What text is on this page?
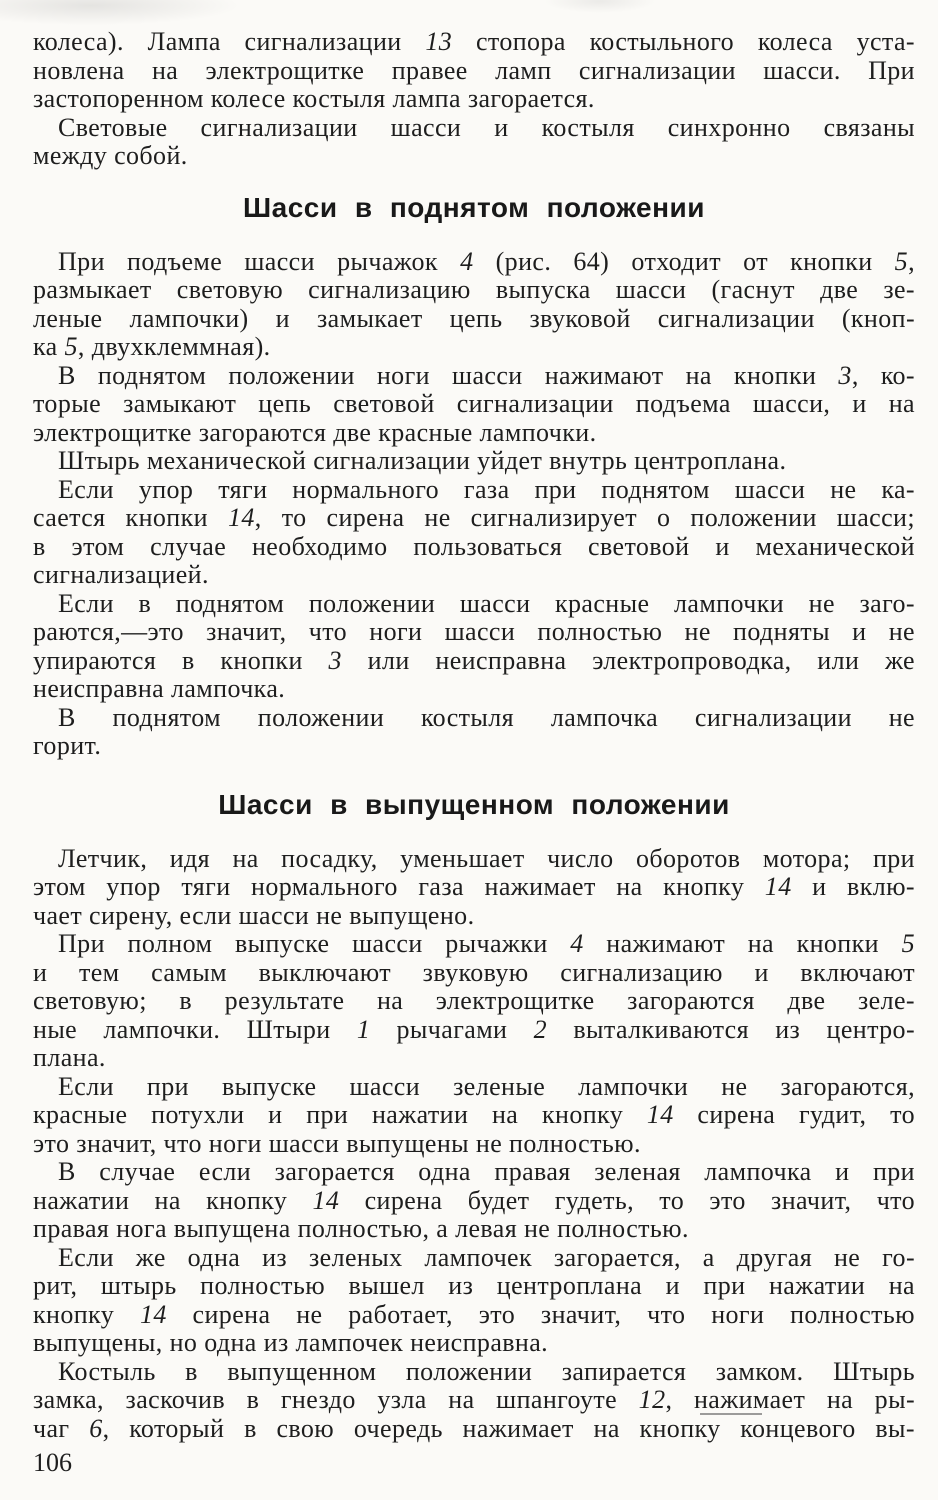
колеса). Лампа сигнализации 13 стопора костыльного колеса уста-
новлена на электрощитке правее ламп сигнализации шасси. При
застопоренном колесе костыля лампа загорается.
Световые сигнализации шасси и костыля синхронно связаны
между собой.
Шасси в поднятом положении
При подъеме шасси рычажок 4 (рис. 64) отходит от кнопки 5,
размыкает световую сигнализацию выпуска шасси (гаснут две зе-
леные лампочки) и замыкает цепь звуковой сигнализации (кноп-
ка 5, двухклеммная).
В поднятом положении ноги шасси нажимают на кнопки 3, ко-
торые замыкают цепь световой сигнализации подъема шасси, и на
электрощитке загораются две красные лампочки.
Штырь механической сигнализации уйдет внутрь центроплана.
Если упор тяги нормального газа при поднятом шасси не ка-
сается кнопки 14, то сирена не сигнализирует о положении шасси;
в этом случае необходимо пользоваться световой и механической
сигнализацией.
Если в поднятом положении шасси красные лампочки не заго-
раются,—это значит, что ноги шасси полностью не подняты и не
упираются в кнопки 3 или неисправна электропроводка, или же
неисправна лампочка.
В поднятом положении костыля лампочка сигнализации не
горит.
Шасси в выпущенном положении
Летчик, идя на посадку, уменьшает число оборотов мотора; при
этом упор тяги нормального газа нажимает на кнопку 14 и вклю-
чает сирену, если шасси не выпущено.
При полном выпуске шасси рычажки 4 нажимают на кнопки 5
и тем самым выключают звуковую сигнализацию и включают
световую; в результате на электрощитке загораются две зеле-
ные лампочки. Штыри 1 рычагами 2 выталкиваются из центро-
плана.
Если при выпуске шасси зеленые лампочки не загораются,
красные потухли и при нажатии на кнопку 14 сирена гудит, то
это значит, что ноги шасси выпущены не полностью.
В случае если загорается одна правая зеленая лампочка и при
нажатии на кнопку 14 сирена будет гудеть, то это значит, что
правая нога выпущена полностью, а левая не полностью.
Если же одна из зеленых лампочек загорается, а другая не го-
рит, штырь полностью вышел из центроплана и при нажатии на
кнопку 14 сирена не работает, это значит, что ноги полностью
выпущены, но одна из лампочек неисправна.
Костыль в выпущенном положении запирается замком. Штырь
замка, заскочив в гнездо узла на шпангоуте 12, нажимает на ры-
чаг 6, который в свою очередь нажимает на кнопку концевого вы-
106
